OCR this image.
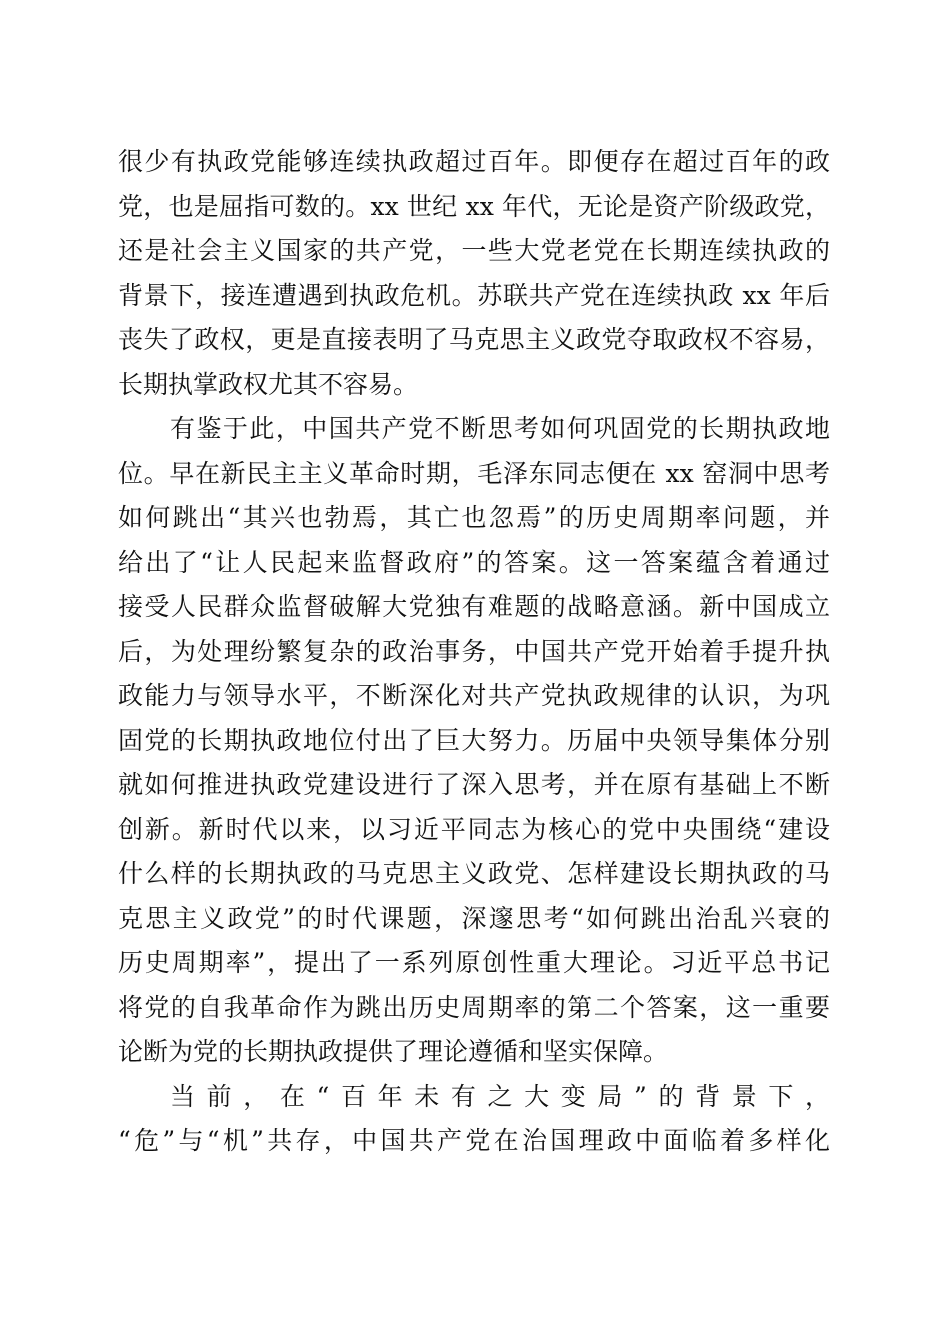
很少有执政党能够连续执政超过百年。即便存在超过百年的政
党，也是屈指可数的。xx 世纪 xx 年代，无论是资产阶级政党，
还是社会主义国家的共产党，一些大党老党在长期连续执政的
背景下，接连遭遇到执政危机。苏联共产党在连续执政 xx 年后
丧失了政权，更是直接表明了马克思主义政党夺取政权不容易，
长期执掌政权尤其不容易。
有鉴于此，中国共产党不断思考如何巩固党的长期执政地
位。早在新民主主义革命时期，毛泽东同志便在 xx 窑洞中思考
如何跳出“其兴也勃焉，其亡也忽焉”的历史周期率问题，并
给出了“让人民起来监督政府”的答案。这一答案蕴含着通过
接受人民群众监督破解大党独有难题的战略意涵。新中国成立
后，为处理纷繁复杂的政治事务，中国共产党开始着手提升执
政能力与领导水平，不断深化对共产党执政规律的认识，为巩
固党的长期执政地位付出了巨大努力。历届中央领导集体分别
就如何推进执政党建设进行了深入思考，并在原有基础上不断
创新。新时代以来，以习近平同志为核心的党中央围绕“建设
什么样的长期执政的马克思主义政党、怎样建设长期执政的马
克思主义政党”的时代课题，深邃思考“如何跳出治乱兴衰的
历史周期率”，提出了一系列原创性重大理论。习近平总书记
将党的自我革命作为跳出历史周期率的第二个答案，这一重要
论断为党的长期执政提供了理论遵循和坚实保障。
当前，在“百年未有之大变局”的背景下，
“危”与“机”共存，中国共产党在治国理政中面临着多样化
